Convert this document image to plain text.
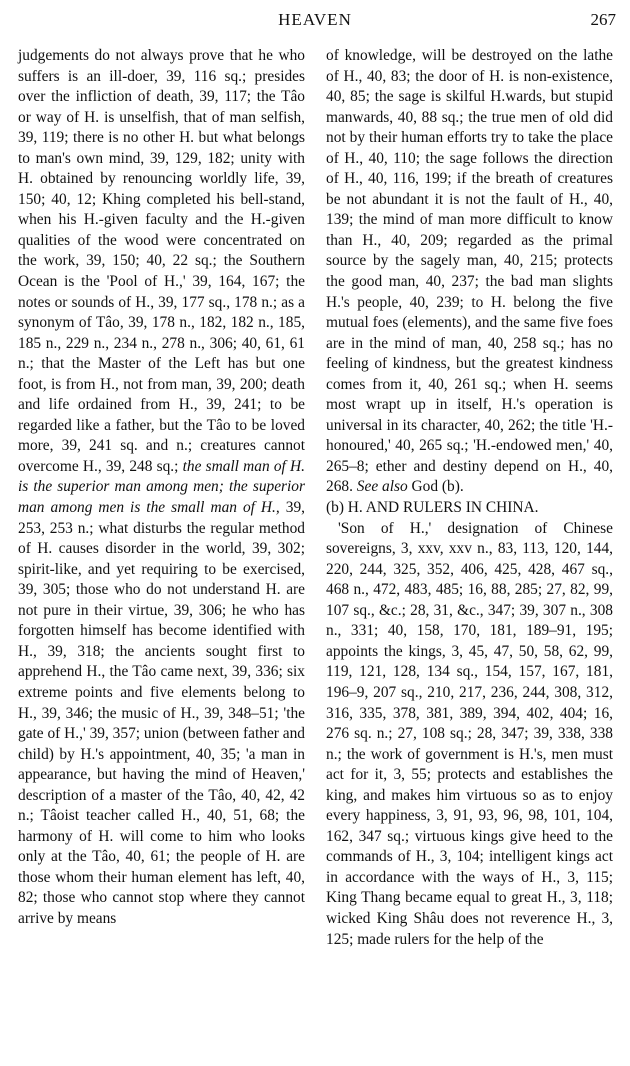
HEAVEN	267

judgements do not always prove that he who suffers is an ill-doer, 39, 116 sq.; presides over the infliction of death, 39, 117; the Tâo or way of H. is unselfish, that of man selfish, 39, 119; there is no other H. but what belongs to man's own mind, 39, 129, 182; unity with H. obtained by renouncing worldly life, 39, 150; 40, 12; Khing completed his bell-stand, when his H.-given faculty and the H.-given qualities of the wood were concentrated on the work, 39, 150; 40, 22 sq.; the Southern Ocean is the 'Pool of H.,' 39, 164, 167; the notes or sounds of H., 39, 177 sq., 178 n.; as a synonym of Tâo, 39, 178 n., 182, 182 n., 185, 185 n., 229 n., 234 n., 278 n., 306; 40, 61, 61 n.; that the Master of the Left has but one foot, is from H., not from man, 39, 200; death and life ordained from H., 39, 241; to be regarded like a father, but the Tâo to be loved more, 39, 241 sq. and n.; creatures cannot overcome H., 39, 248 sq.; the small man of H. is the superior man among men; the superior man among men is the small man of H., 39, 253, 253 n.; what disturbs the regular method of H. causes disorder in the world, 39, 302; spirit-like, and yet requiring to be exercised, 39, 305; those who do not understand H. are not pure in their virtue, 39, 306; he who has forgotten himself has become identified with H., 39, 318; the ancients sought first to apprehend H., the Tâo came next, 39, 336; six extreme points and five elements belong to H., 39, 346; the music of H., 39, 348–51; 'the gate of H.,' 39, 357; union (between father and child) by H.'s appointment, 40, 35; 'a man in appearance, but having the mind of Heaven,' description of a master of the Tâo, 40, 42, 42 n.; Tâoist teacher called H., 40, 51, 68; the harmony of H. will come to him who looks only at the Tâo, 40, 61; the people of H. are those whom their human element has left, 40, 82; those who cannot stop where they cannot arrive by means

of knowledge, will be destroyed on the lathe of H., 40, 83; the door of H. is non-existence, 40, 85; the sage is skilful H.wards, but stupid manwards, 40, 88 sq.; the true men of old did not by their human efforts try to take the place of H., 40, 110; the sage follows the direction of H., 40, 116, 199; if the breath of creatures be not abundant it is not the fault of H., 40, 139; the mind of man more difficult to know than H., 40, 209; regarded as the primal source by the sagely man, 40, 215; protects the good man, 40, 237; the bad man slights H.'s people, 40, 239; to H. belong the five mutual foes (elements), and the same five foes are in the mind of man, 40, 258 sq.; has no feeling of kindness, but the greatest kindness comes from it, 40, 261 sq.; when H. seems most wrapt up in itself, H.'s operation is universal in its character, 40, 262; the title 'H.-honoured,' 40, 265 sq.; 'H.-endowed men,' 40, 265–8; ether and destiny depend on H., 40, 268. See also God (b).

(b) H. AND RULERS IN CHINA.

'Son of H.,' designation of Chinese sovereigns, 3, xxv, xxv n., 83, 113, 120, 144, 220, 244, 325, 352, 406, 425, 428, 467 sq., 468 n., 472, 483, 485; 16, 88, 285; 27, 82, 99, 107 sq., &c.; 28, 31, &c., 347; 39, 307 n., 308 n., 331; 40, 158, 170, 181, 189–91, 195; appoints the kings, 3, 45, 47, 50, 58, 62, 99, 119, 121, 128, 134 sq., 154, 157, 167, 181, 196–9, 207 sq., 210, 217, 236, 244, 308, 312, 316, 335, 378, 381, 389, 394, 402, 404; 16, 276 sq. n.; 27, 108 sq.; 28, 347; 39, 338, 338 n.; the work of government is H.'s, men must act for it, 3, 55; protects and establishes the king, and makes him virtuous so as to enjoy every happiness, 3, 91, 93, 96, 98, 101, 104, 162, 347 sq.; virtuous kings give heed to the commands of H., 3, 104; intelligent kings act in accordance with the ways of H., 3, 115; King Thang became equal to great H., 3, 118; wicked King Shâu does not reverence H., 3, 125; made rulers for the help of the
